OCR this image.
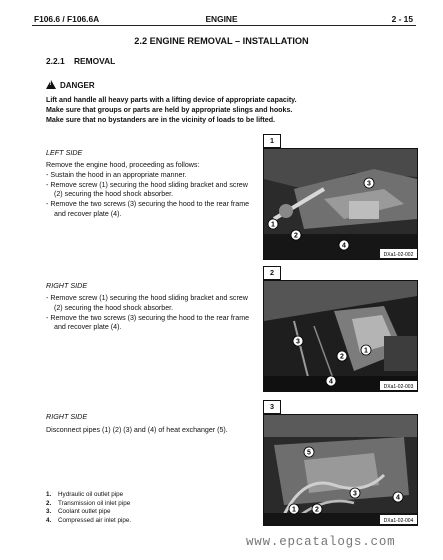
F106.6 / F106.6A	ENGINE	2 - 15
2.2 ENGINE REMOVAL – INSTALLATION
2.2.1 REMOVAL
!DANGER
Lift and handle all heavy parts with a lifting device of appropriate capacity.
Make sure that groups or parts are held by appropriate slings and hooks.
Make sure that no bystanders are in the vicinity of loads to be lifted.
LEFT SIDE
Remove the engine hood, proceeding as follows:
- Sustain the hood in an appropriate manner.
- Remove screw (1) securing the hood sliding bracket and screw (2) securing the hood shock absorber.
- Remove the two screws (3) securing the hood to the rear frame and recover plate (4).
RIGHT SIDE
- Remove screw (1) securing the hood sliding bracket and screw (2) securing the hood shock absorber.
- Remove the two screws (3) securing the hood to the rear frame and recover plate (4).
RIGHT SIDE
Disconnect pipes (1) (2) (3) and (4) of heat exchanger (5).
1
1
2
3
4
DXa1-02-002
2
1
2
3
4
DXa1-02-003
3
1	2
3
4
5
DXa1-02-004
1. Hydraulic oil outlet pipe
2. Transmission oil inlet pipe
3. Coolant outlet pipe
4. Compressed air inlet pipe.
www.epcatalogs.com
